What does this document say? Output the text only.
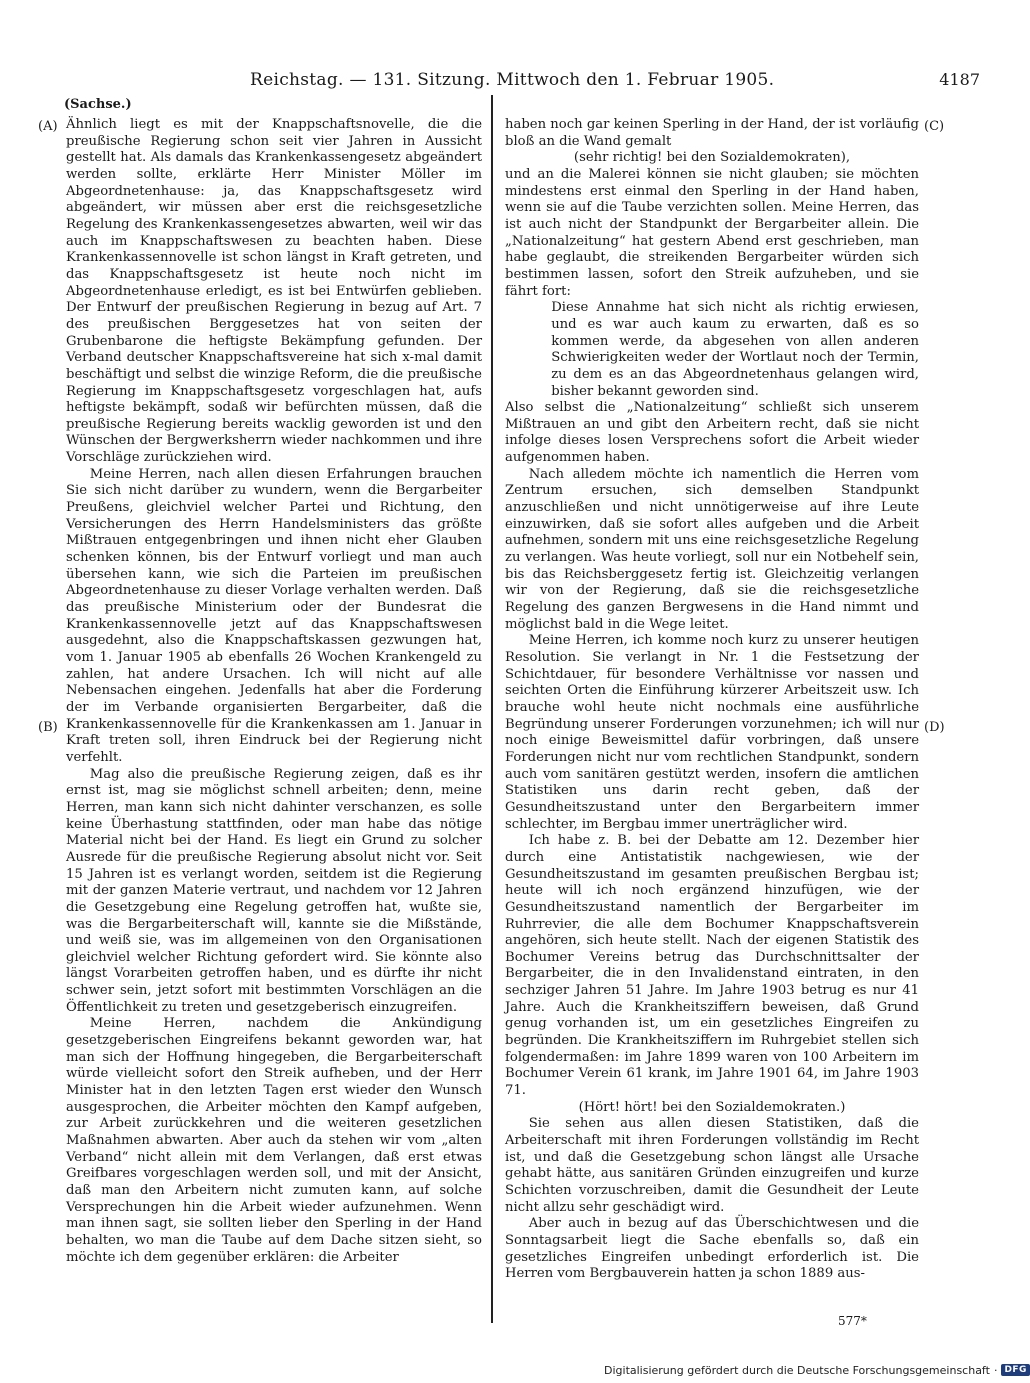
Reichstag. — 131. Sitzung. Mittwoch den 1. Februar 1905.	4187
(Sachse.)
(A)
(B)
(C)
(D)

Ähnlich liegt es mit der Knappschaftsnovelle, die die preußische Regierung schon seit vier Jahren in Aussicht gestellt hat. Als damals das Krankenkassengesetz abgeändert werden sollte, erklärte Herr Minister Möller im Abgeordnetenhause: ja, das Knappschaftsgesetz wird abgeändert, wir müssen aber erst die reichsgesetzliche Regelung des Krankenkassengesetzes abwarten, weil wir das auch im Knappschaftswesen zu beachten haben. Diese Krankenkassennovelle ist schon längst in Kraft getreten, und das Knappschaftsgesetz ist heute noch nicht im Abgeordnetenhause erledigt, es ist bei Entwürfen geblieben. Der Entwurf der preußischen Regierung in bezug auf Art. 7 des preußischen Berggesetzes hat von seiten der Grubenbarone die heftigste Bekämpfung gefunden. Der Verband deutscher Knappschaftsvereine hat sich x-mal damit beschäftigt und selbst die winzige Reform, die die preußische Regierung im Knappschaftsgesetz vorgeschlagen hat, aufs heftigste bekämpft, sodaß wir befürchten müssen, daß die preußische Regierung bereits wacklig geworden ist und den Wünschen der Bergwerksherrn wieder nachkommen und ihre Vorschläge zurückziehen wird.

Meine Herren, nach allen diesen Erfahrungen brauchen Sie sich nicht darüber zu wundern, wenn die Bergarbeiter Preußens, gleichviel welcher Partei und Richtung, den Versicherungen des Herrn Handelsministers das größte Mißtrauen entgegenbringen und ihnen nicht eher Glauben schenken können, bis der Entwurf vorliegt und man auch übersehen kann, wie sich die Parteien im preußischen Abgeordnetenhause zu dieser Vorlage verhalten werden. Daß das preußische Ministerium oder der Bundesrat die Krankenkassennovelle jetzt auf das Knappschaftswesen ausgedehnt, also die Knappschaftskassen gezwungen hat, vom 1. Januar 1905 ab ebenfalls 26 Wochen Krankengeld zu zahlen, hat andere Ursachen. Ich will nicht auf alle Nebensachen eingehen. Jedenfalls hat aber die Forderung der im Verbande organisierten Bergarbeiter, daß die Krankenkassennovelle für die Krankenkassen am 1. Januar in Kraft treten soll, ihren Eindruck bei der Regierung nicht verfehlt.

Mag also die preußische Regierung zeigen, daß es ihr ernst ist, mag sie möglichst schnell arbeiten; denn, meine Herren, man kann sich nicht dahinter verschanzen, es solle keine Überhastung stattfinden, oder man habe das nötige Material nicht bei der Hand. Es liegt ein Grund zu solcher Ausrede für die preußische Regierung absolut nicht vor. Seit 15 Jahren ist es verlangt worden, seitdem ist die Regierung mit der ganzen Materie vertraut, und nachdem vor 12 Jahren die Gesetzgebung eine Regelung getroffen hat, wußte sie, was die Bergarbeiterschaft will, kannte sie die Mißstände, und weiß sie, was im allgemeinen von den Organisationen gleichviel welcher Richtung gefordert wird. Sie könnte also längst Vorarbeiten getroffen haben, und es dürfte ihr nicht schwer sein, jetzt sofort mit bestimmten Vorschlägen an die Öffentlichkeit zu treten und gesetzgeberisch einzugreifen.

Meine Herren, nachdem die Ankündigung gesetzgeberischen Eingreifens bekannt geworden war, hat man sich der Hoffnung hingegeben, die Bergarbeiterschaft würde vielleicht sofort den Streik aufheben, und der Herr Minister hat in den letzten Tagen erst wieder den Wunsch ausgesprochen, die Arbeiter möchten den Kampf aufgeben, zur Arbeit zurückkehren und die weiteren gesetzlichen Maßnahmen abwarten. Aber auch da stehen wir vom „alten Verband“ nicht allein mit dem Verlangen, daß erst etwas Greifbares vorgeschlagen werden soll, und mit der Ansicht, daß man den Arbeitern nicht zumuten kann, auf solche Versprechungen hin die Arbeit wieder aufzunehmen. Wenn man ihnen sagt, sie sollten lieber den Sperling in der Hand behalten, wo man die Taube auf dem Dache sitzen sieht, so möchte ich dem gegenüber erklären: die Arbeiter

haben noch gar keinen Sperling in der Hand, der ist vorläufig bloß an die Wand gemalt

(sehr richtig! bei den Sozialdemokraten),

und an die Malerei können sie nicht glauben; sie möchten mindestens erst einmal den Sperling in der Hand haben, wenn sie auf die Taube verzichten sollen. Meine Herren, das ist auch nicht der Standpunkt der Bergarbeiter allein. Die „Nationalzeitung“ hat gestern Abend erst geschrieben, man habe geglaubt, die streikenden Bergarbeiter würden sich bestimmen lassen, sofort den Streik aufzuheben, und sie fährt fort:

Diese Annahme hat sich nicht als richtig erwiesen, und es war auch kaum zu erwarten, daß es so kommen werde, da abgesehen von allen anderen Schwierigkeiten weder der Wortlaut noch der Termin, zu dem es an das Abgeordnetenhaus gelangen wird, bisher bekannt geworden sind.

Also selbst die „Nationalzeitung“ schließt sich unserem Mißtrauen an und gibt den Arbeitern recht, daß sie nicht infolge dieses losen Versprechens sofort die Arbeit wieder aufgenommen haben.

Nach alledem möchte ich namentlich die Herren vom Zentrum ersuchen, sich demselben Standpunkt anzuschließen und nicht unnötigerweise auf ihre Leute einzuwirken, daß sie sofort alles aufgeben und die Arbeit aufnehmen, sondern mit uns eine reichsgesetzliche Regelung zu verlangen. Was heute vorliegt, soll nur ein Notbehelf sein, bis das Reichsberggesetz fertig ist. Gleichzeitig verlangen wir von der Regierung, daß sie die reichsgesetzliche Regelung des ganzen Bergwesens in die Hand nimmt und möglichst bald in die Wege leitet.

Meine Herren, ich komme noch kurz zu unserer heutigen Resolution. Sie verlangt in Nr. 1 die Festsetzung der Schichtdauer, für besondere Verhältnisse vor nassen und seichten Orten die Einführung kürzerer Arbeitszeit usw. Ich brauche wohl heute nicht nochmals eine ausführliche Begründung unserer Forderungen vorzunehmen; ich will nur noch einige Beweismittel dafür vorbringen, daß unsere Forderungen nicht nur vom rechtlichen Standpunkt, sondern auch vom sanitären gestützt werden, insofern die amtlichen Statistiken uns darin recht geben, daß der Gesundheitszustand unter den Bergarbeitern immer schlechter, im Bergbau immer unerträglicher wird.

Ich habe z. B. bei der Debatte am 12. Dezember hier durch eine Antistatistik nachgewiesen, wie der Gesundheitszustand im gesamten preußischen Bergbau ist; heute will ich noch ergänzend hinzufügen, wie der Gesundheitszustand namentlich der Bergarbeiter im Ruhrrevier, die alle dem Bochumer Knappschaftsverein angehören, sich heute stellt. Nach der eigenen Statistik des Bochumer Vereins betrug das Durchschnittsalter der Bergarbeiter, die in den Invalidenstand eintraten, in den sechziger Jahren 51 Jahre. Im Jahre 1903 betrug es nur 41 Jahre. Auch die Krankheitsziffern beweisen, daß Grund genug vorhanden ist, um ein gesetzliches Eingreifen zu begründen. Die Krankheitsziffern im Ruhrgebiet stellen sich folgendermaßen: im Jahre 1899 waren von 100 Arbeitern im Bochumer Verein 61 krank, im Jahre 1901 64, im Jahre 1903 71.

(Hört! hört! bei den Sozialdemokraten.)

Sie sehen aus allen diesen Statistiken, daß die Arbeiterschaft mit ihren Forderungen vollständig im Recht ist, und daß die Gesetzgebung schon längst alle Ursache gehabt hätte, aus sanitären Gründen einzugreifen und kurze Schichten vorzuschreiben, damit die Gesundheit der Leute nicht allzu sehr geschädigt wird.

Aber auch in bezug auf das Überschichtwesen und die Sonntagsarbeit liegt die Sache ebenfalls so, daß ein gesetzliches Eingreifen unbedingt erforderlich ist. Die Herren vom Bergbauverein hatten ja schon 1889 aus-

577*
Digitalisierung gefördert durch die Deutsche Forschungsgemeinschaft · DFG
